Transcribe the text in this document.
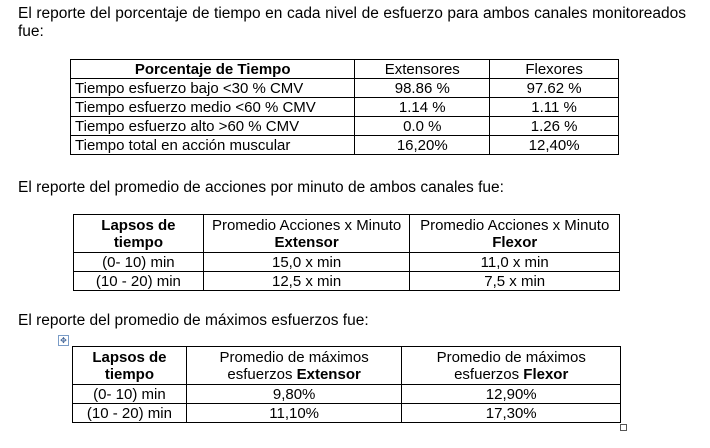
El reporte del porcentaje de tiempo en cada nivel de esfuerzo para ambos canales monitoreados fue:
Porcentaje de Tiempo	Extensores	Flexores
Tiempo esfuerzo bajo <30 % CMV	98.86 %	97.62 %
Tiempo esfuerzo medio <60 % CMV	1.14 %	1.11 %
Tiempo esfuerzo alto >60 % CMV	0.0 %	1.26 %
Tiempo total en acción muscular	16,20%	12,40%
El reporte del promedio de acciones por minuto de ambos canales fue:
Lapsos de tiempo	Promedio Acciones x Minuto Extensor	Promedio Acciones x Minuto Flexor
(0- 10) min	15,0 x min	11,0 x min
(10 - 20) min	12,5 x min	7,5 x min
El reporte del promedio de máximos esfuerzos fue:
✥
Lapsos de tiempo	Promedio de máximos esfuerzos Extensor	Promedio de máximos esfuerzos Flexor
(0- 10) min	9,80%	12,90%
(10 - 20) min	11,10%	17,30%
